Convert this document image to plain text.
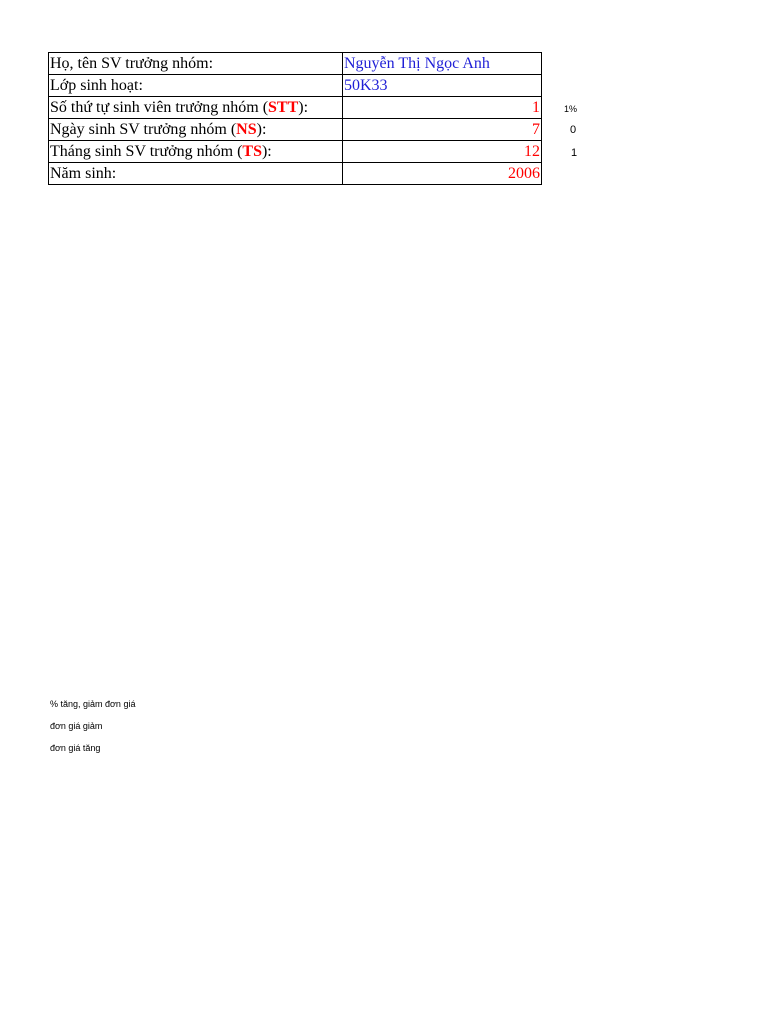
Họ, tên SV trưởng nhóm:	Nguyễn Thị Ngọc Anh
Lớp sinh hoạt:	50K33
Số thứ tự sinh viên trưởng nhóm (STT):	1
Ngày sinh SV trưởng nhóm (NS):	7
Tháng sinh SV trưởng nhóm (TS):	12
Năm sinh:	2006
1%
0
1
% tăng, giảm đơn giá
đơn giá giảm
đơn giá tăng
